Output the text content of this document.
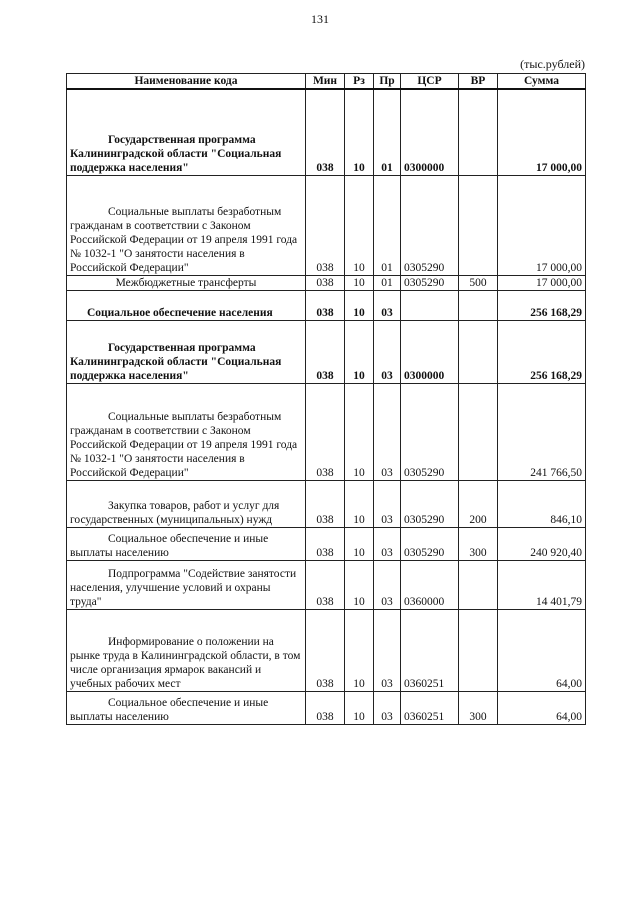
131
(тыс.рублей)
Наименование кода	Мин	Рз	Пр	ЦСР	ВР	Сумма
Государственная программа Калининградской области "Социальная поддержка населения"	038	10	01	0300000		17 000,00
Социальные выплаты безработным гражданам в соответствии с Законом Российской Федерации от 19 апреля 1991 года № 1032-1 "О занятости населения в Российской Федерации"	038	10	01	0305290		17 000,00
Межбюджетные трансферты	038	10	01	0305290	500	17 000,00
Социальное обеспечение населения	038	10	03			256 168,29
Государственная программа Калининградской области "Социальная поддержка населения"	038	10	03	0300000		256 168,29
Социальные выплаты безработным гражданам в соответствии с Законом Российской Федерации от 19 апреля 1991 года № 1032-1 "О занятости населения в Российской Федерации"	038	10	03	0305290		241 766,50
Закупка товаров, работ и услуг для государственных (муниципальных) нужд	038	10	03	0305290	200	846,10
Социальное обеспечение и иные выплаты населению	038	10	03	0305290	300	240 920,40
Подпрограмма "Содействие занятости населения, улучшение условий и охраны труда"	038	10	03	0360000		14 401,79
Информирование о положении на рынке труда в Калининградской области, в том числе организация ярмарок вакансий и учебных рабочих мест	038	10	03	0360251		64,00
Социальное обеспечение и иные выплаты населению	038	10	03	0360251	300	64,00
